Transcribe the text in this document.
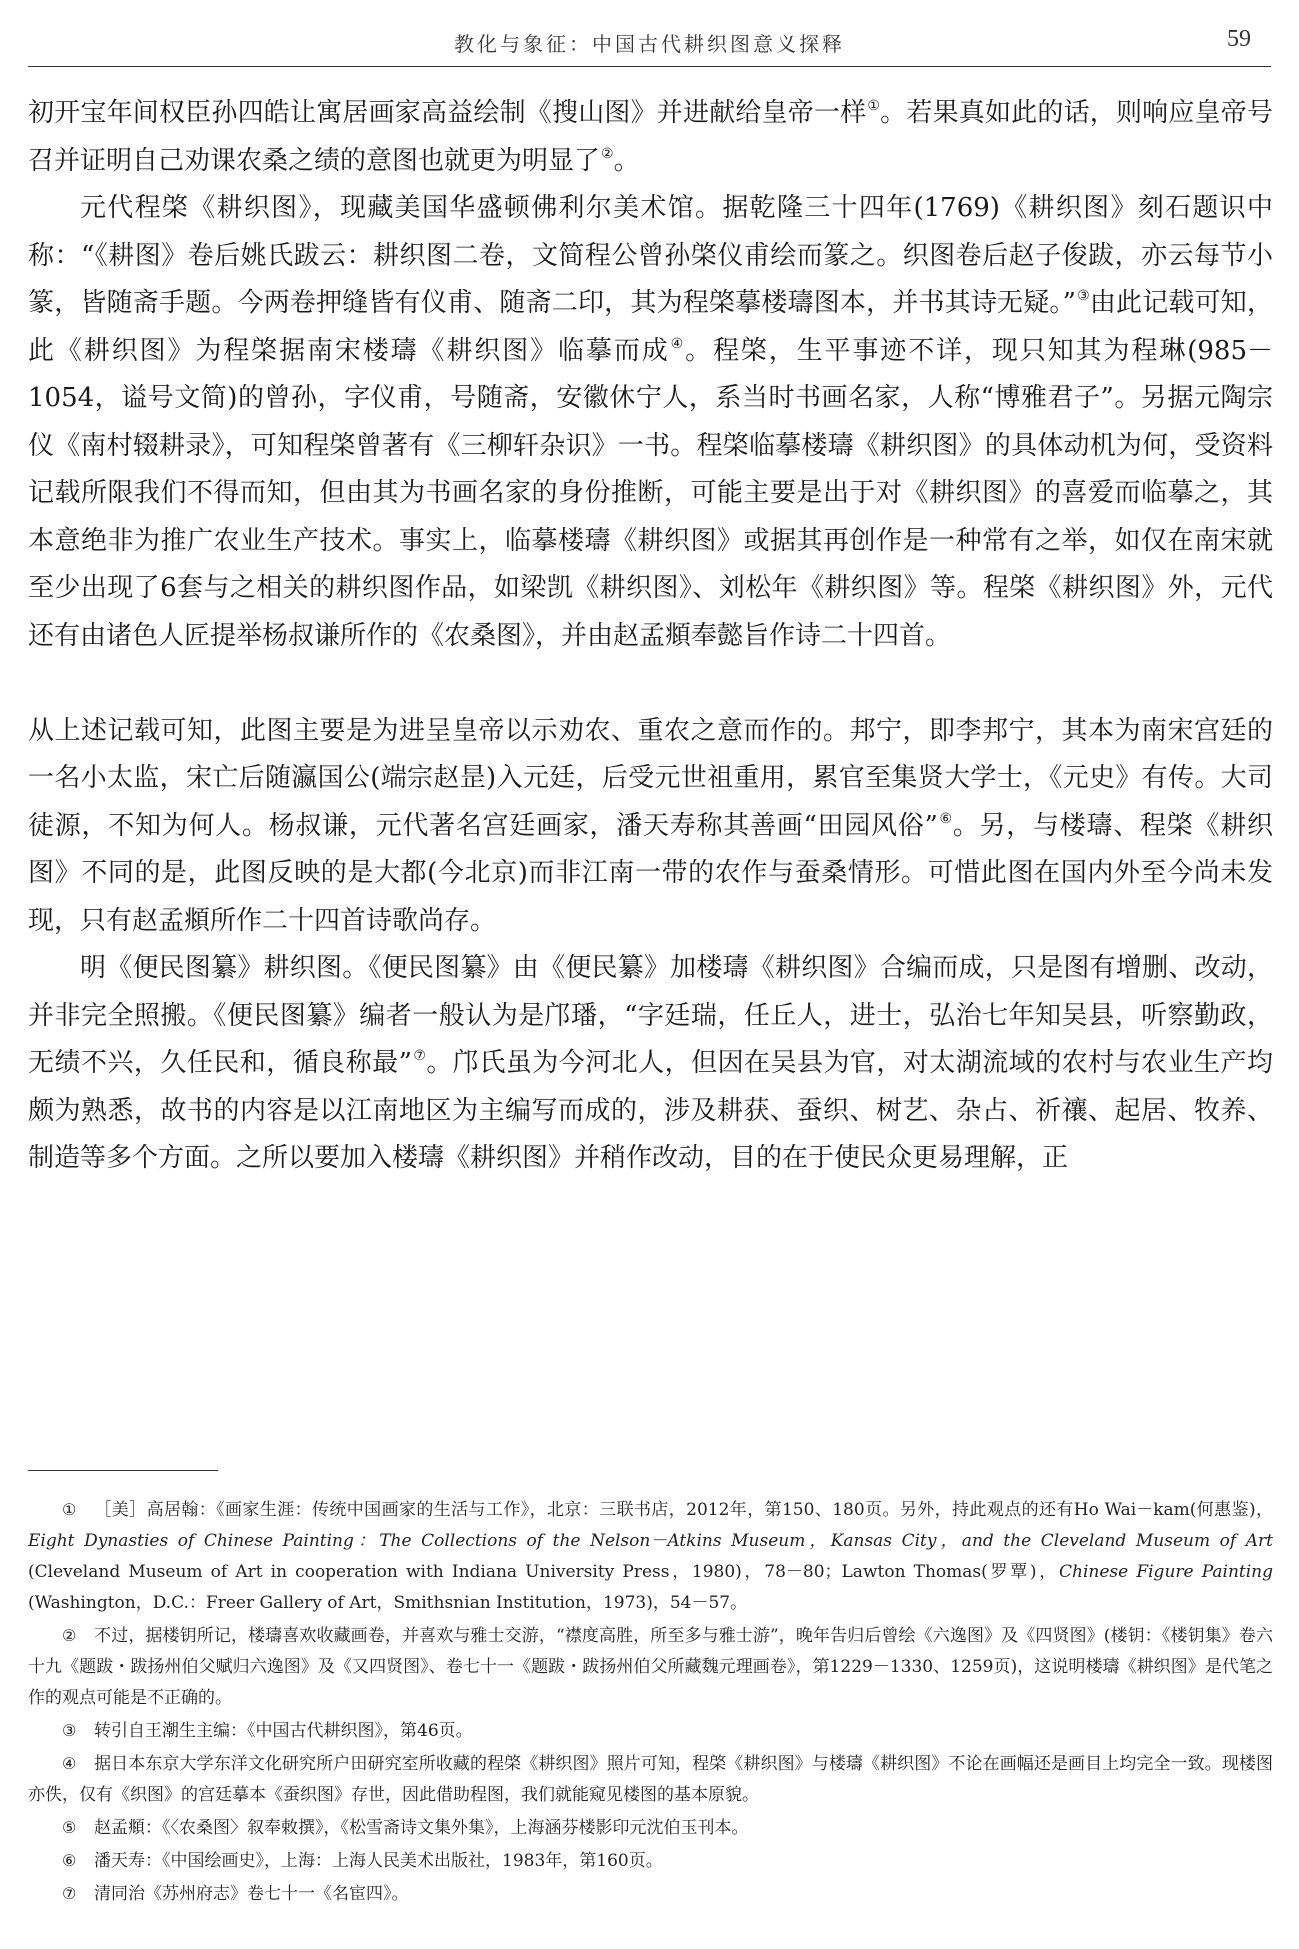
教化与象征：中国古代耕织图意义探释	59

初开宝年间权臣孙四皓让寓居画家高益绘制《搜山图》并进献给皇帝一样①。若果真如此的话，则响应皇帝号召并证明自己劝课农桑之绩的意图也就更为明显了②。

元代程棨《耕织图》，现藏美国华盛顿佛利尔美术馆。据乾隆三十四年(1769)《耕织图》刻石题识中称：“《耕图》卷后姚氏跋云：耕织图二卷，文简程公曾孙棨仪甫绘而篆之。织图卷后赵子俊跋，亦云每节小篆，皆随斋手题。今两卷押缝皆有仪甫、随斋二印，其为程棨摹楼璹图本，并书其诗无疑。”③由此记载可知，此《耕织图》为程棨据南宋楼璹《耕织图》临摹而成④。程棨，生平事迹不详，现只知其为程琳(985－1054，谥号文简)的曾孙，字仪甫，号随斋，安徽休宁人，系当时书画名家，人称“博雅君子”。另据元陶宗仪《南村辍耕录》，可知程棨曾著有《三柳轩杂识》一书。程棨临摹楼璹《耕织图》的具体动机为何，受资料记载所限我们不得而知，但由其为书画名家的身份推断，可能主要是出于对《耕织图》的喜爱而临摹之，其本意绝非为推广农业生产技术。事实上，临摹楼璹《耕织图》或据其再创作是一种常有之举，如仅在南宋就至少出现了6套与之相关的耕织图作品，如梁凯《耕织图》、刘松年《耕织图》等。程棨《耕织图》外，元代还有由诸色人匠提举杨叔谦所作的《农桑图》，并由赵孟頫奉懿旨作诗二十四首。

从上述记载可知，此图主要是为进呈皇帝以示劝农、重农之意而作的。邦宁，即李邦宁，其本为南宋宫廷的一名小太监，宋亡后随瀛国公(端宗赵昰)入元廷，后受元世祖重用，累官至集贤大学士，《元史》有传。大司徒源，不知为何人。杨叔谦，元代著名宫廷画家，潘天寿称其善画“田园风俗”⑥。另，与楼璹、程棨《耕织图》不同的是，此图反映的是大都(今北京)而非江南一带的农作与蚕桑情形。可惜此图在国内外至今尚未发现，只有赵孟頫所作二十四首诗歌尚存。

明《便民图纂》耕织图。《便民图纂》由《便民纂》加楼璹《耕织图》合编而成，只是图有增删、改动，并非完全照搬。《便民图纂》编者一般认为是邝璠，“字廷瑞，任丘人，进士，弘治七年知吴县，听察勤政，无绩不兴，久任民和，循良称最”⑦。邝氏虽为今河北人，但因在吴县为官，对太湖流域的农村与农业生产均颇为熟悉，故书的内容是以江南地区为主编写而成的，涉及耕获、蚕织、树艺、杂占、祈禳、起居、牧养、制造等多个方面。之所以要加入楼璹《耕织图》并稍作改动，目的在于使民众更易理解，正

① ［美］高居翰：《画家生涯：传统中国画家的生活与工作》，北京：三联书店，2012年，第150、180页。另外，持此观点的还有Ho Wai－kam(何惠鉴)，Eight Dynasties of Chinese Painting：The Collections of the Nelson－Atkins Museum，Kansas City，and the Cleveland Museum of Art (Cleveland Museum of Art in cooperation with Indiana University Press，1980)，78－80；Lawton Thomas(罗覃)，Chinese Figure Painting (Washington，D.C.：Freer Gallery of Art，Smithsnian Institution，1973)，54－57。

② 不过，据楼钥所记，楼璹喜欢收藏画卷，并喜欢与雅士交游，“襟度高胜，所至多与雅士游”，晚年告归后曾绘《六逸图》及《四贤图》(楼钥：《楼钥集》卷六十九《题跋・跋扬州伯父赋归六逸图》及《又四贤图》、卷七十一《题跋・跋扬州伯父所藏魏元理画卷》，第1229－1330、1259页)，这说明楼璹《耕织图》是代笔之作的观点可能是不正确的。

③ 转引自王潮生主编：《中国古代耕织图》，第46页。

④ 据日本东京大学东洋文化研究所户田研究室所收藏的程棨《耕织图》照片可知，程棨《耕织图》与楼璹《耕织图》不论在画幅还是画目上均完全一致。现楼图亦佚，仅有《织图》的宫廷摹本《蚕织图》存世，因此借助程图，我们就能窥见楼图的基本原貌。

⑤ 赵孟頫：《〈农桑图〉叙奉敕撰》，《松雪斋诗文集外集》，上海涵芬楼影印元沈伯玉刊本。

⑥ 潘天寿：《中国绘画史》，上海：上海人民美术出版社，1983年，第160页。

⑦ 清同治《苏州府志》卷七十一《名宦四》。
